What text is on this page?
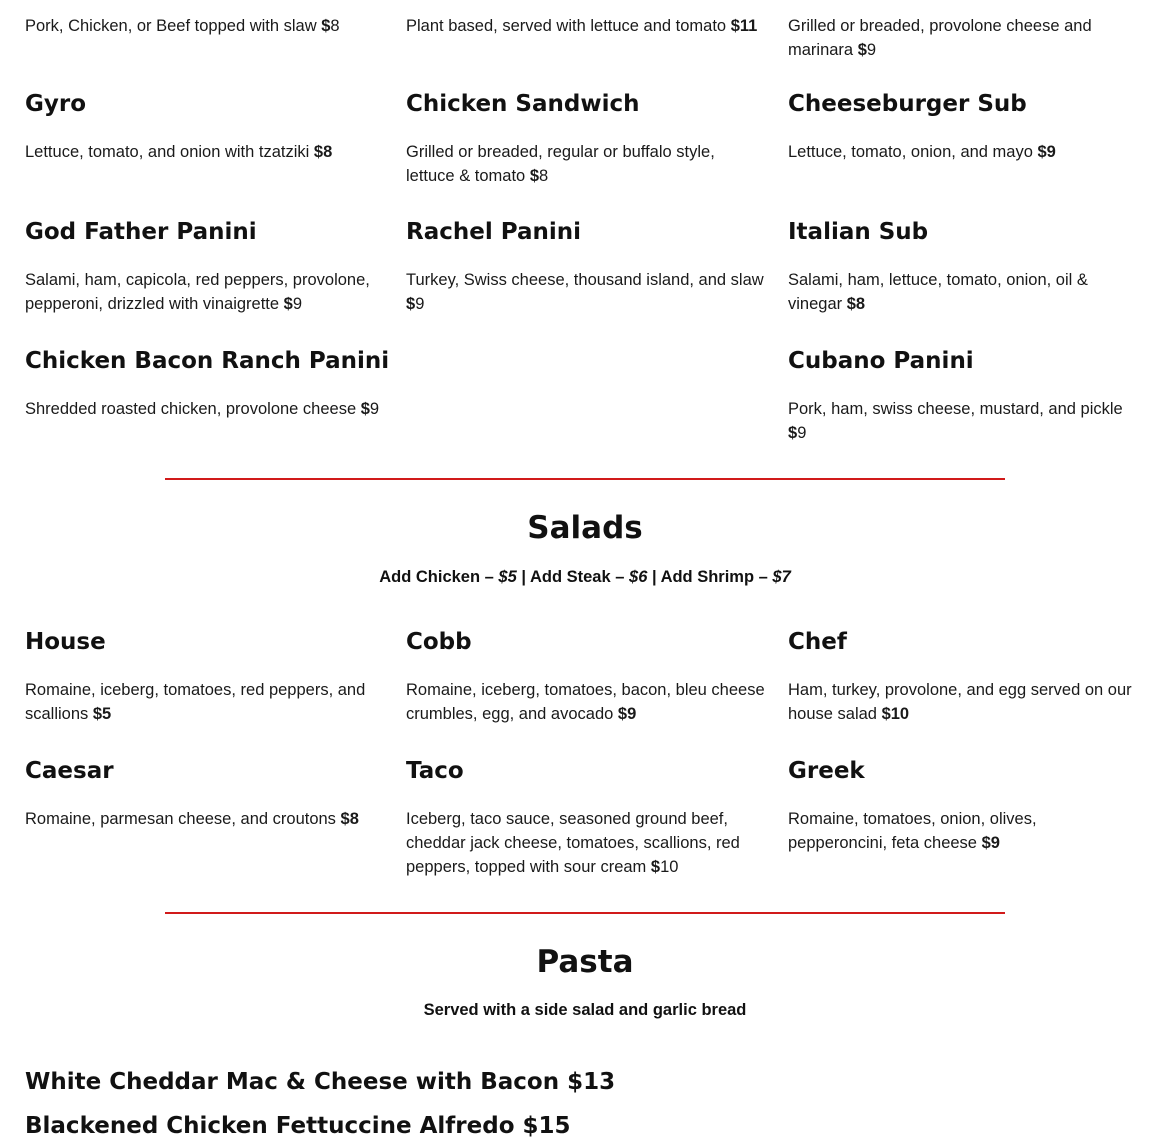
Pork, Chicken, or Beef topped with slaw $8	Plant based, served with lettuce and tomato $11	Grilled or breaded, provolone cheese and marinara $9

Gyro

Lettuce, tomato, and onion with tzatziki $8

Chicken Sandwich

Grilled or breaded, regular or buffalo style, lettuce & tomato $8

Cheeseburger Sub

Lettuce, tomato, onion, and mayo $9

God Father Panini

Salami, ham, capicola, red peppers, provolone, pepperoni, drizzled with vinaigrette $9

Rachel Panini

Turkey, Swiss cheese, thousand island, and slaw $9

Italian Sub

Salami, ham, lettuce, tomato, onion, oil & vinegar $8

Chicken Bacon Ranch Panini

Shredded roasted chicken, provolone cheese $9

Cubano Panini

Pork, ham, swiss cheese, mustard, and pickle $9

Salads
Add Chicken – $5 | Add Steak – $6 | Add Shrimp – $7
House

Romaine, iceberg, tomatoes, red peppers, and scallions $5

Cobb

Romaine, iceberg, tomatoes, bacon, bleu cheese crumbles, egg, and avocado $9

Chef

Ham, turkey, provolone, and egg served on our house salad $10

Caesar

Romaine, parmesan cheese, and croutons $8

Taco

Iceberg, taco sauce, seasoned ground beef, cheddar jack cheese, tomatoes, scallions, red peppers, topped with sour cream $10

Greek

Romaine, tomatoes, onion, olives, pepperoncini, feta cheese $9

Pasta
Served with a side salad and garlic bread

White Cheddar Mac & Cheese with Bacon $13

Blackened Chicken Fettuccine Alfredo $15
